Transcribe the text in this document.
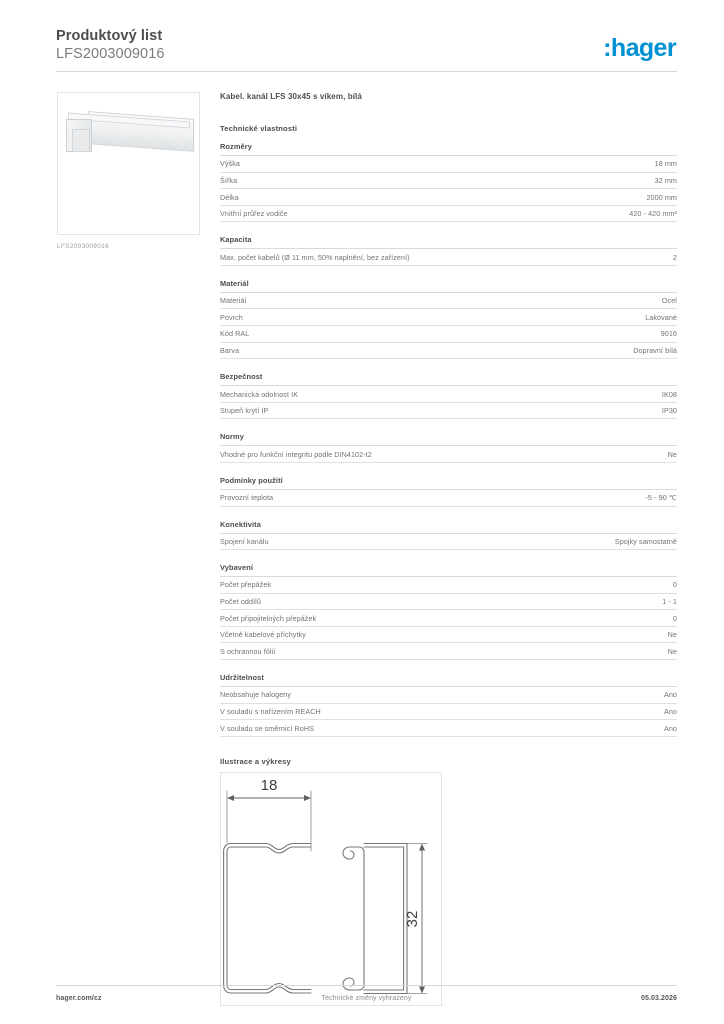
Produktový list
LFS2003009016	:hager
LFS2003009016
Kabel. kanál LFS 30x45 s víkem, bílá
Technické vlastnosti
Rozměry
Výška	18 mm
Šířka	32 mm
Délka	2000 mm
Vnitřní průřez vodiče	420 - 420 mm²
Kapacita
Max. počet kabelů (Ø 11 mm, 50% naplnění, bez zařízení)	2
Materiál
Materiál	Ocel
Povrch	Lakované
Kód RAL	9016
Barva	Dopravní bílá
Bezpečnost
Mechanická odolnost IK	IK08
Stupeň krytí IP	IP30
Normy
Vhodné pro funkční integritu podle DIN4102-t2	Ne
Podmínky použití
Provozní teplota	-5 - 90 ℃
Konektivita
Spojení kanálu	Spojky samostatně
Vybavení
Počet přepážek	0
Počet oddílů	1 - 1
Počet připojitelných přepážek	0
Včetně kabelové příchytky	Ne
S ochrannou fólií	Ne
Udržitelnost
Neobsahuje halogeny	Ano
V souladu s nařízením REACH	Ano
V souladu se směrnicí RoHS	Ano
Ilustrace a výkresy
18
32
hager.com/cz	Technické změny vyhrazeny	05.03.2026
